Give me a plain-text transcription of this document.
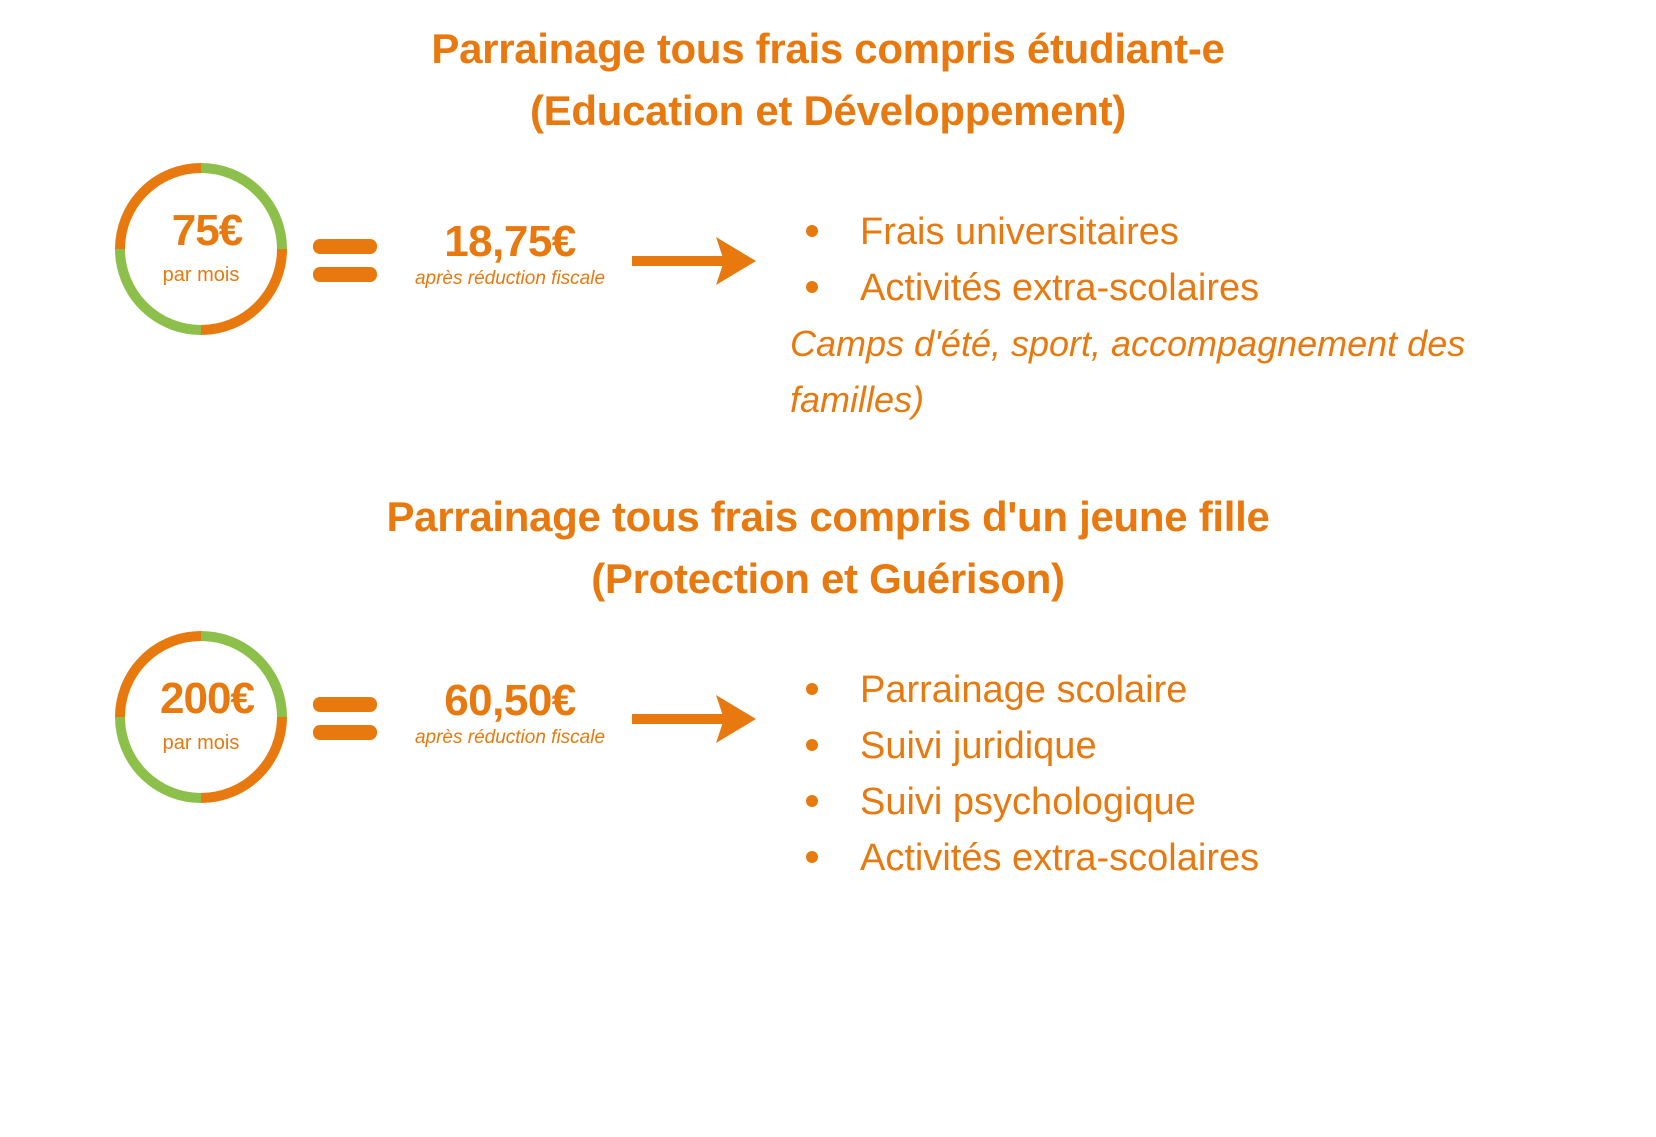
Parrainage tous frais compris étudiant-e
(Education et Développement)
75€
par mois
18,75€
après réduction fiscale
Frais universitaires
Activités extra-scolaires
Camps d'été, sport, accompagnement des familles)
Parrainage tous frais compris d'un jeune fille
(Protection et Guérison)
200€
par mois
60,50€
après réduction fiscale
Parrainage scolaire
Suivi juridique
Suivi psychologique
Activités extra-scolaires
